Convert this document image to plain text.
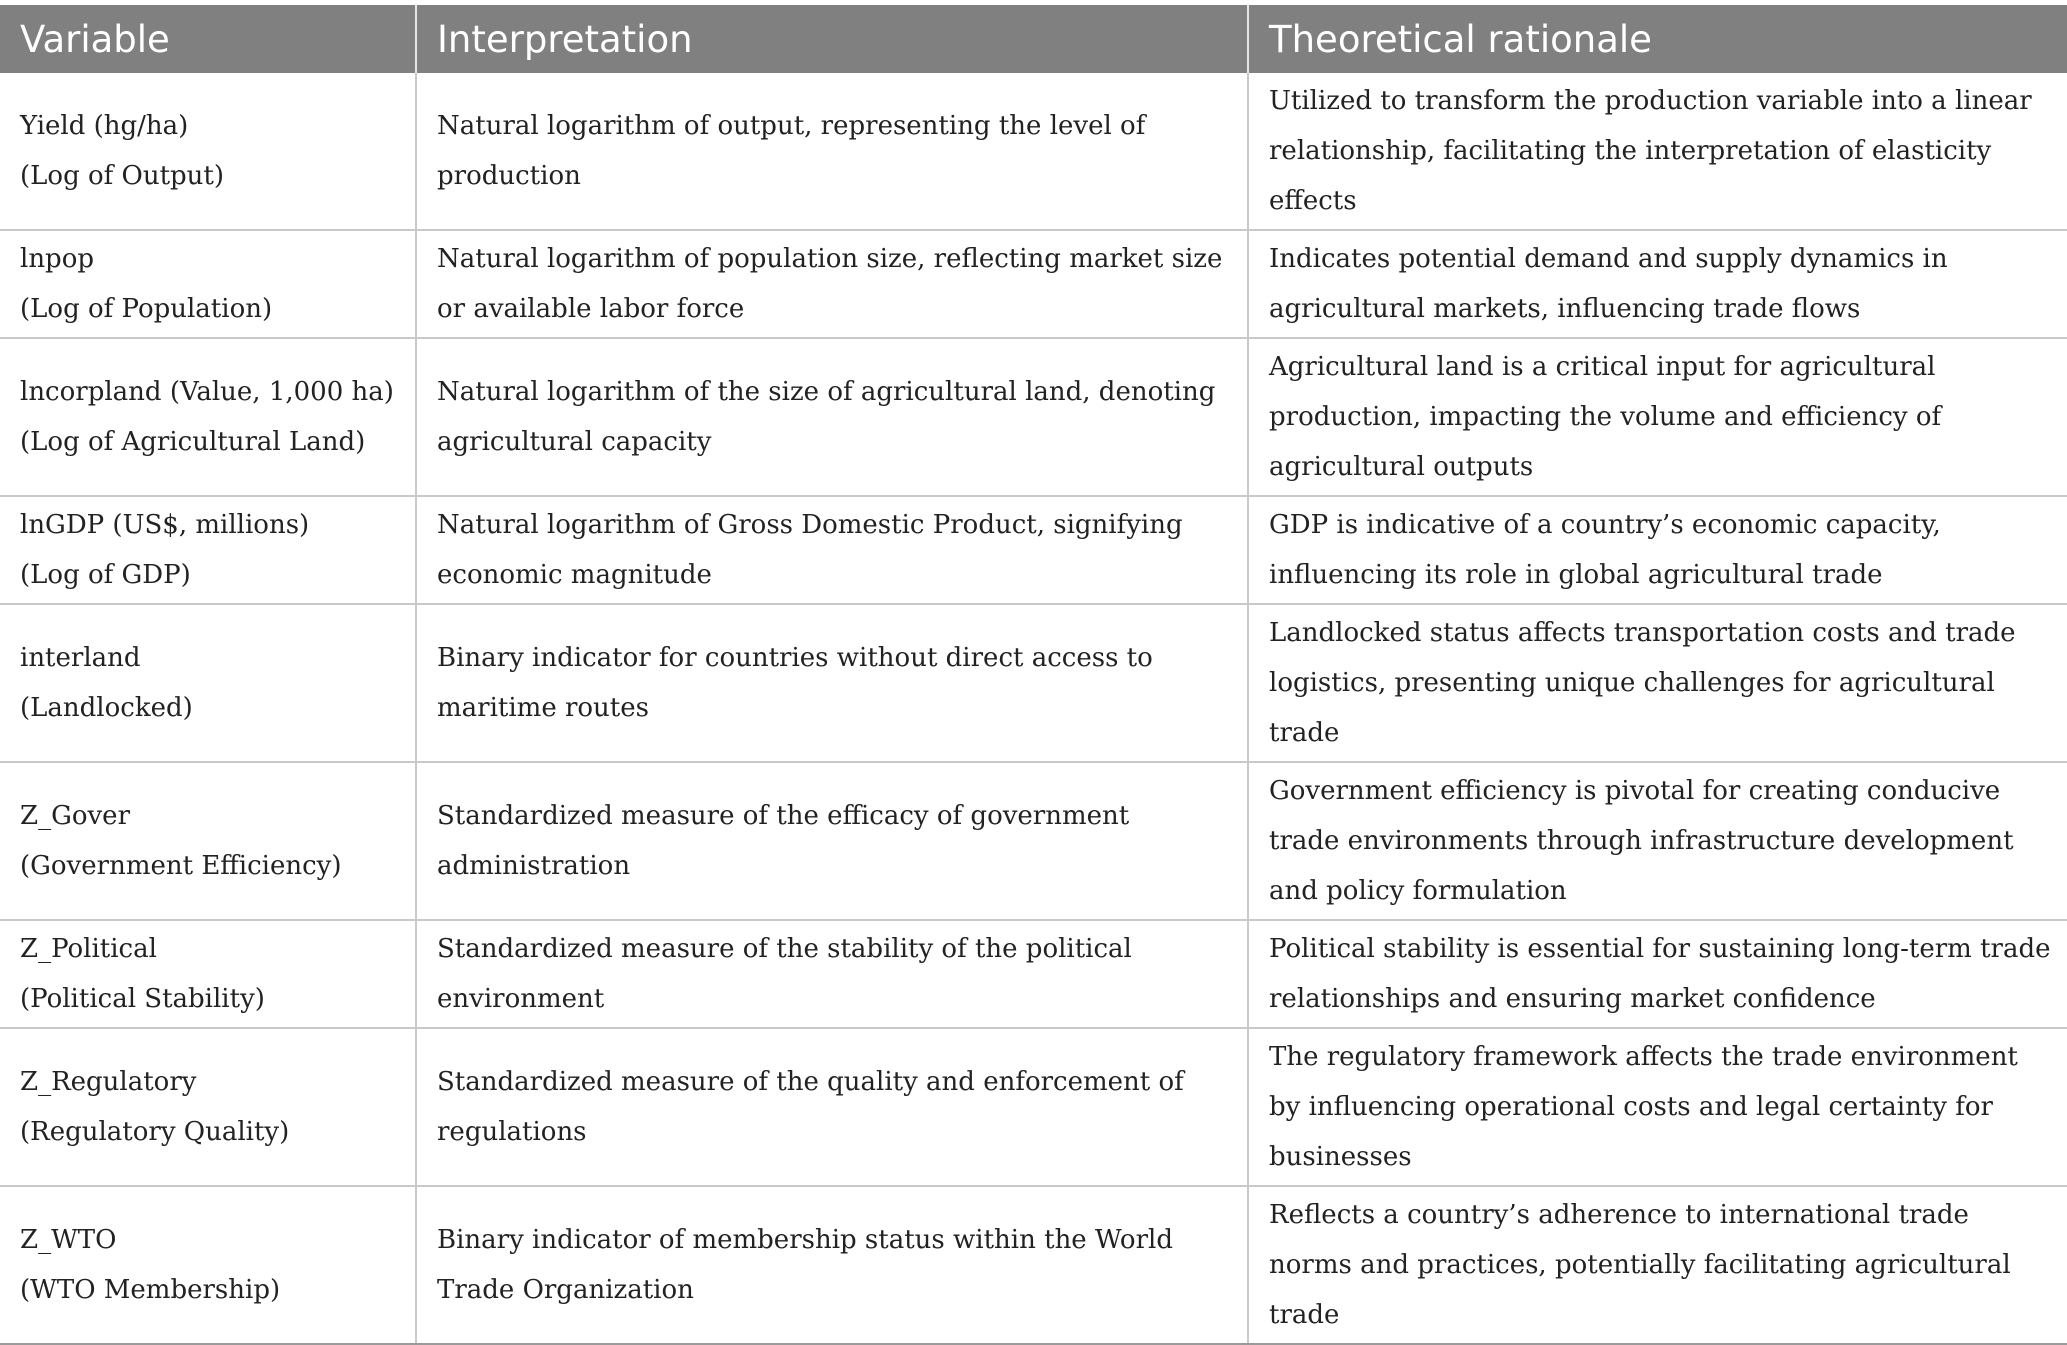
Variable	Interpretation	Theoretical rationale

Yield (hg/ha)
(Log of Output)	Natural logarithm of output, representing the level of production	Utilized to transform the production variable into a linear relationship, facilitating the interpretation of elasticity effects

lnpop
(Log of Population)	Natural logarithm of population size, reflecting market size or available labor force	Indicates potential demand and supply dynamics in agricultural markets, influencing trade flows

lncorpland (Value, 1,000 ha)
(Log of Agricultural Land)	Natural logarithm of the size of agricultural land, denoting agricultural capacity	Agricultural land is a critical input for agricultural production, impacting the volume and efficiency of agricultural outputs

lnGDP (US$, millions)
(Log of GDP)	Natural logarithm of Gross Domestic Product, signifying economic magnitude	GDP is indicative of a country’s economic capacity, influencing its role in global agricultural trade

interland
(Landlocked)	Binary indicator for countries without direct access to maritime routes	Landlocked status affects transportation costs and trade logistics, presenting unique challenges for agricultural trade

Z_Gover
(Government Efficiency)	Standardized measure of the efficacy of government administration	Government efficiency is pivotal for creating conducive trade environments through infrastructure development and policy formulation

Z_Political
(Political Stability)	Standardized measure of the stability of the political environment	Political stability is essential for sustaining long-term trade relationships and ensuring market confidence

Z_Regulatory
(Regulatory Quality)	Standardized measure of the quality and enforcement of regulations	The regulatory framework affects the trade environment by influencing operational costs and legal certainty for businesses

Z_WTO
(WTO Membership)	Binary indicator of membership status within the World Trade Organization	Reflects a country’s adherence to international trade norms and practices, potentially facilitating agricultural trade
